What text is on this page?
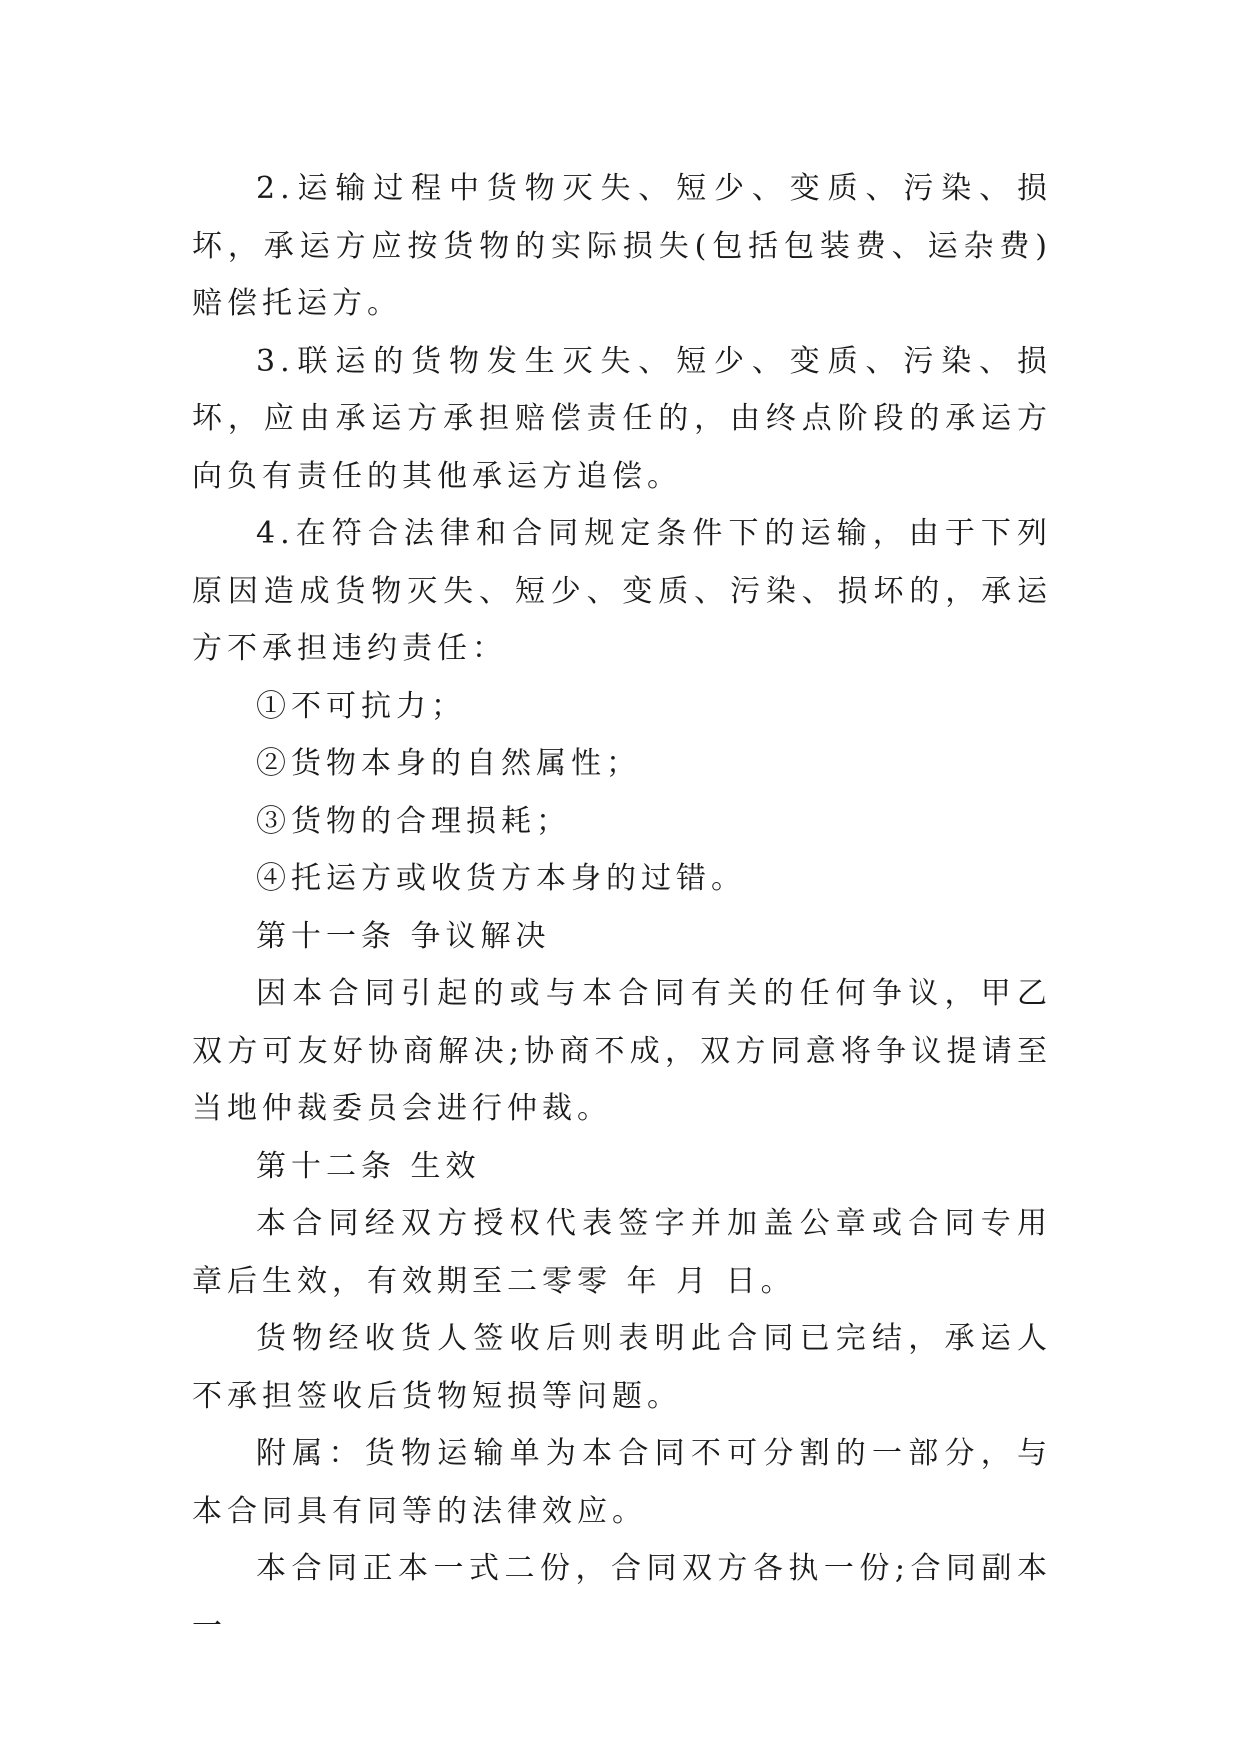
2.运输过程中货物灭失、短少、变质、污染、损坏，承运方应按货物的实际损失(包括包装费、运杂费)赔偿托运方。

3.联运的货物发生灭失、短少、变质、污染、损坏，应由承运方承担赔偿责任的，由终点阶段的承运方向负有责任的其他承运方追偿。

4.在符合法律和合同规定条件下的运输，由于下列原因造成货物灭失、短少、变质、污染、损坏的，承运方不承担违约责任：

①不可抗力；

②货物本身的自然属性；

③货物的合理损耗；

④托运方或收货方本身的过错。

第十一条 争议解决

因本合同引起的或与本合同有关的任何争议，甲乙双方可友好协商解决;协商不成，双方同意将争议提请至当地仲裁委员会进行仲裁。

第十二条 生效

本合同经双方授权代表签字并加盖公章或合同专用章后生效，有效期至二零零 年 月 日。

货物经收货人签收后则表明此合同已完结，承运人不承担签收后货物短损等问题。

附属：货物运输单为本合同不可分割的一部分，与本合同具有同等的法律效应。

本合同正本一式二份，合同双方各执一份;合同副本一
